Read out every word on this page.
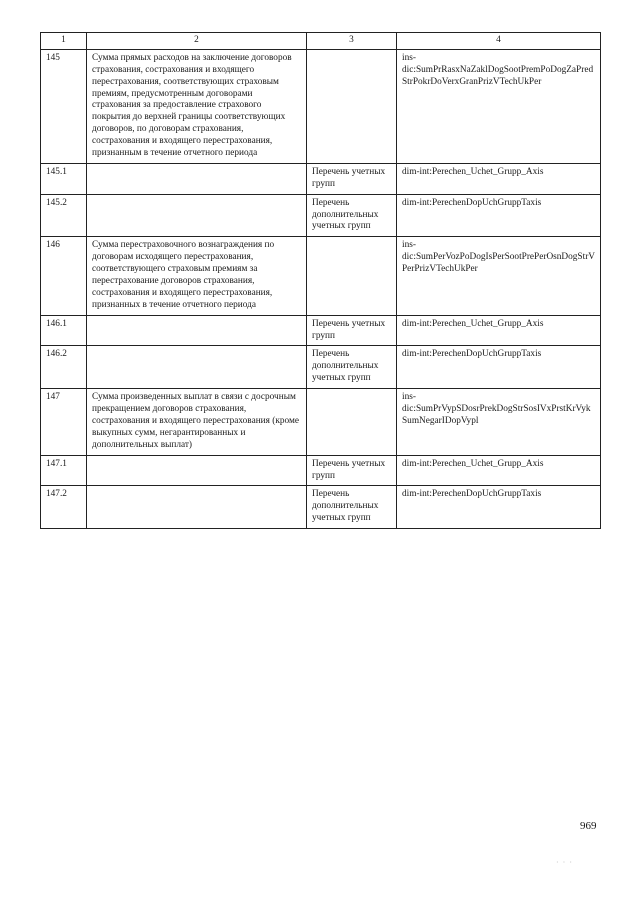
1	2	3	4
145	Сумма прямых расходов на заключение договоров страхования, сострахования и входящего перестрахования, соответствующих страховым премиям, предусмотренным договорами страхования за предоставление страхового покрытия до верхней границы соответствующих договоров, по договорам страхования, сострахования и входящего перестрахования, признанным в течение отчетного периода		ins-dic:SumPrRasxNaZaklDogSootPremPoDogZaPredStrPokrDoVerxGranPrizVTechUkPer
145.1		Перечень учетных групп	dim-int:Perechen_Uchet_Grupp_Axis
145.2		Перечень дополнительных учетных групп	dim-int:PerechenDopUchGruppTaxis
146	Сумма перестраховочного вознаграждения по договорам исходящего перестрахования, соответствующего страховым премиям за перестрахование договоров страхования, сострахования и входящего перестрахования, признанных в течение отчетного периода		ins-dic:SumPerVozPoDogIsPerSootPrePerOsnDogStrVPerPrizVTechUkPer
146.1		Перечень учетных групп	dim-int:Perechen_Uchet_Grupp_Axis
146.2		Перечень дополнительных учетных групп	dim-int:PerechenDopUchGruppTaxis
147	Сумма произведенных выплат в связи с досрочным прекращением договоров страхования, сострахования и входящего перестрахования (кроме выкупных сумм, негарантированных и дополнительных выплат)		ins-dic:SumPrVypSDosrPrekDogStrSosIVxPrstKrVykSumNegarIDopVypl
147.1		Перечень учетных групп	dim-int:Perechen_Uchet_Grupp_Axis
147.2		Перечень дополнительных учетных групп	dim-int:PerechenDopUchGruppTaxis
969
· · ·
